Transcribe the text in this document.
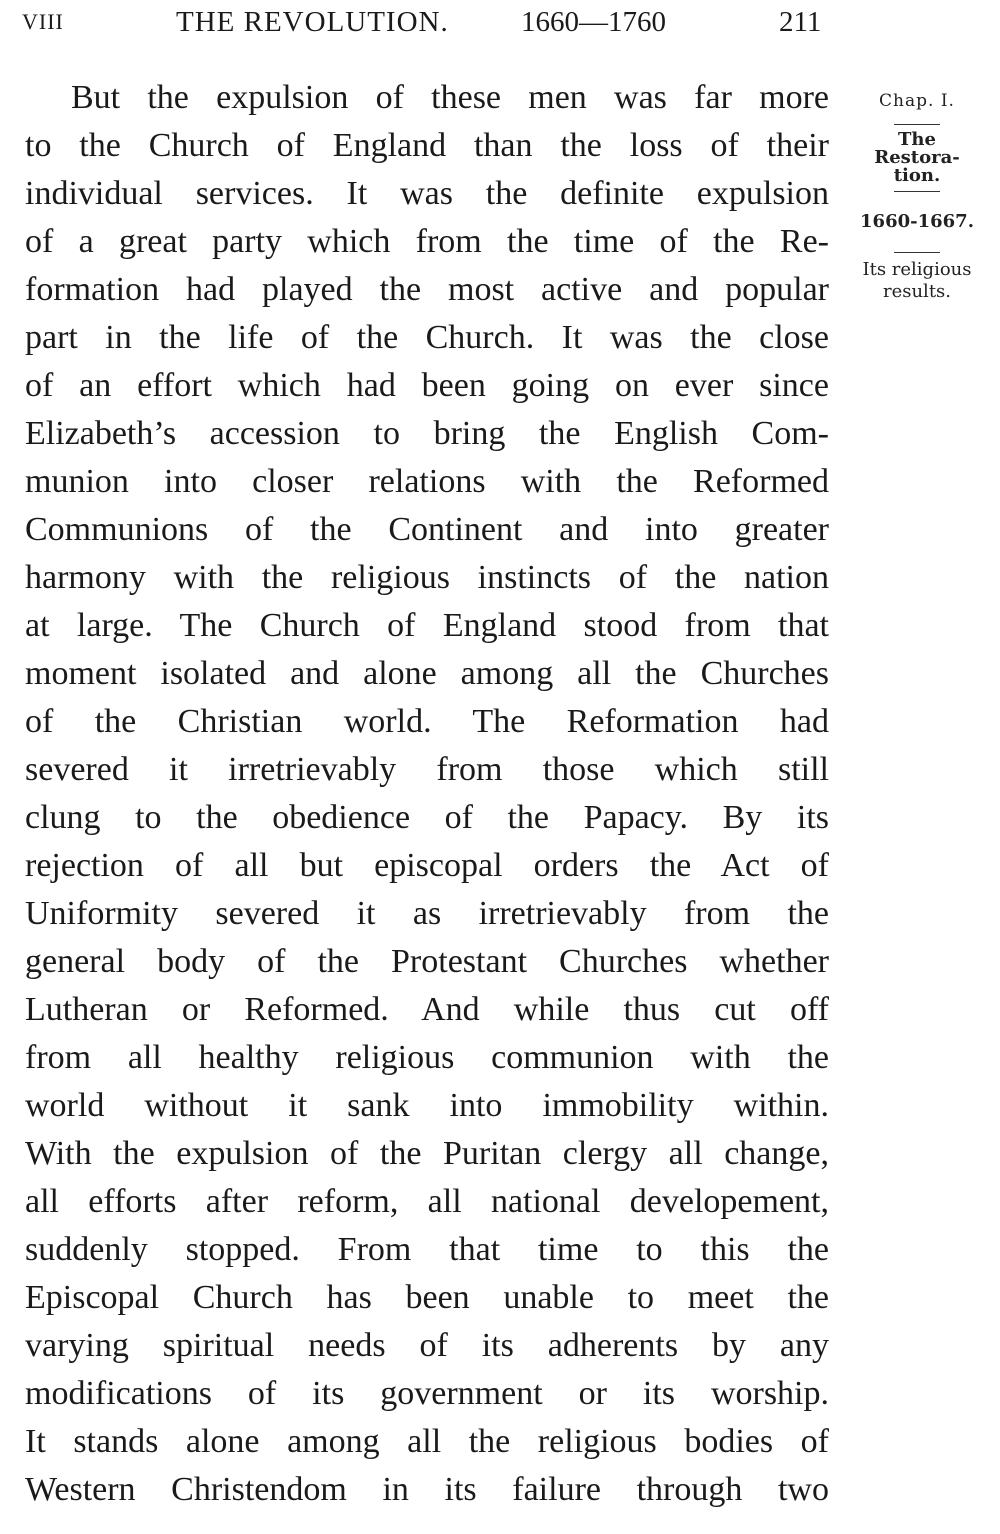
VIII	THE REVOLUTION. 1660—1760	211
But the expulsion of these men was far more
to the Church of England than the loss of their
individual services. It was the definite expulsion
of a great party which from the time of the Re-
formation had played the most active and popular
part in the life of the Church. It was the close
of an effort which had been going on ever since
Elizabeth’s accession to bring the English Com-
munion into closer relations with the Reformed
Communions of the Continent and into greater
harmony with the religious instincts of the nation
at large. The Church of England stood from that
moment isolated and alone among all the Churches
of the Christian world. The Reformation had
severed it irretrievably from those which still
clung to the obedience of the Papacy. By its
rejection of all but episcopal orders the Act of
Uniformity severed it as irretrievably from the
general body of the Protestant Churches whether
Lutheran or Reformed. And while thus cut off
from all healthy religious communion with the
world without it sank into immobility within.
With the expulsion of the Puritan clergy all change,
all efforts after reform, all national developement,
suddenly stopped. From that time to this the
Episcopal Church has been unable to meet the
varying spiritual needs of its adherents by any
modifications of its government or its worship.
It stands alone among all the religious bodies of
Western Christendom in its failure through two
Chap. I.
The
Restora-
tion.
1660-1667.
Its religious
results.
